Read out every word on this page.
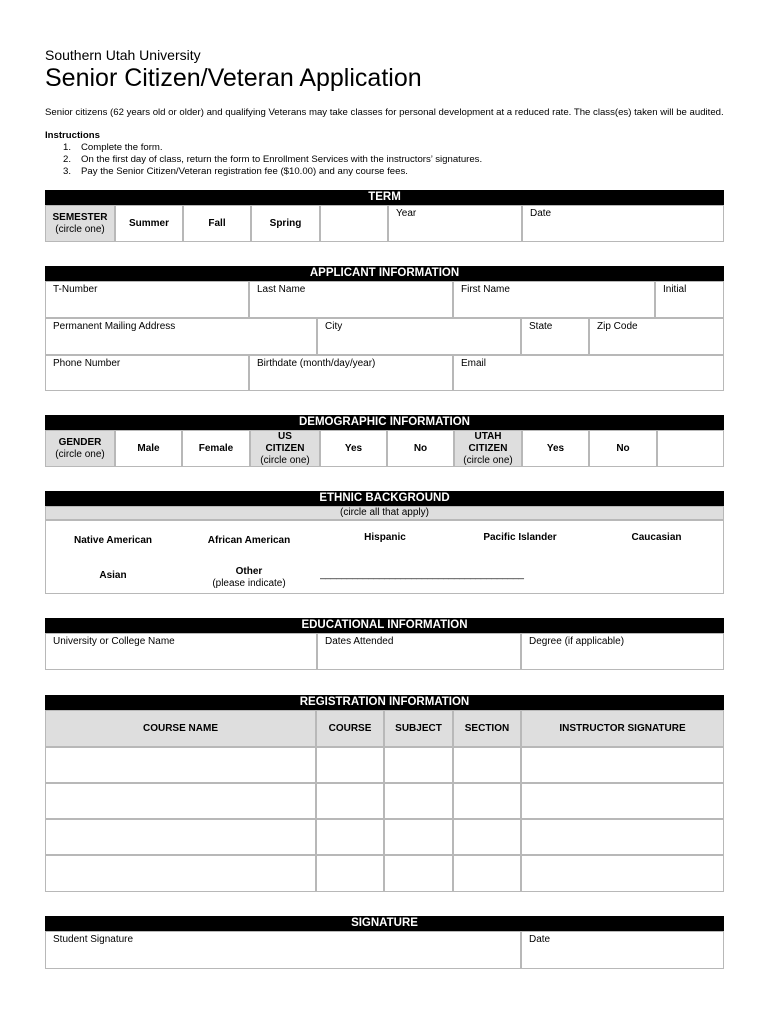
Southern Utah University
Senior Citizen/Veteran Application
Senior citizens (62 years old or older) and qualifying Veterans may take classes for personal development at a reduced rate. The class(es) taken will be audited.
Instructions
1.	Complete the form.
2.	On the first day of class, return the form to Enrollment Services with the instructors’ signatures.
3.	Pay the Senior Citizen/Veteran registration fee ($10.00) and any course fees.
TERM
SEMESTER
(circle one)
Summer	Fall	Spring
Year	Date
APPLICANT INFORMATION
T-Number	Last Name	First Name	Initial
Permanent Mailing Address	City	State	Zip Code
Phone Number	Birthdate (month/day/year)	Email
DEMOGRAPHIC INFORMATION
GENDER
(circle one)
Male	Female
US
CITIZEN
(circle one)
Yes	No
UTAH
CITIZEN
(circle one)
Yes	No
ETHNIC BACKGROUND
(circle all that apply)
Native American	African American	Hispanic	Pacific Islander	Caucasian
Asian	Other
(please indicate)
______________________________________
EDUCATIONAL INFORMATION
University or College Name	Dates Attended	Degree (if applicable)
REGISTRATION INFORMATION
COURSE NAME	COURSE	SUBJECT	SECTION	INSTRUCTOR SIGNATURE
SIGNATURE
Student Signature	Date
